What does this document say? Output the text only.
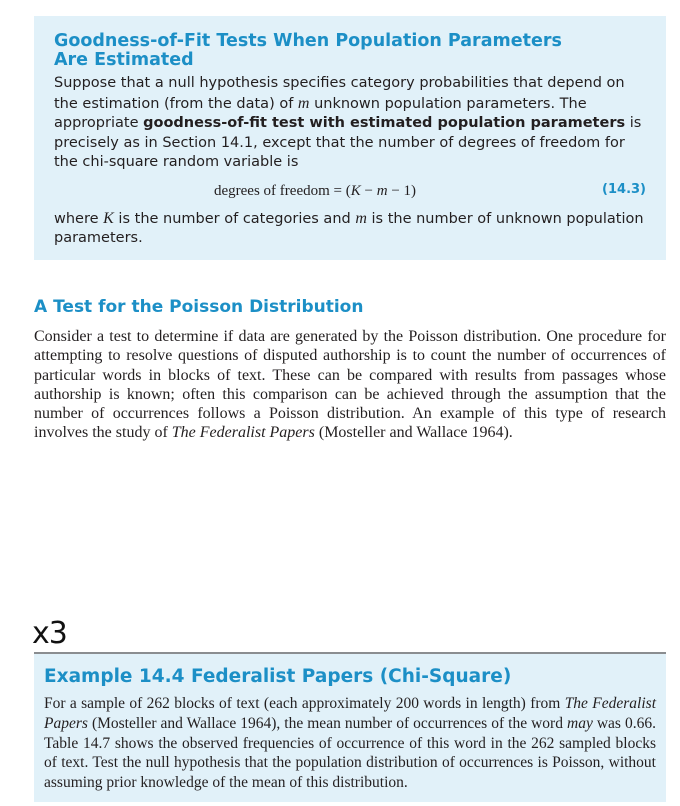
Goodness-of-Fit Tests When Population Parameters
Are Estimated

Suppose that a null hypothesis specifies category probabilities that depend on the estimation (from the data) of m unknown population parameters. The appropriate goodness-of-fit test with estimated population parameters is precisely as in Section 14.1, except that the number of degrees of freedom for the chi-square random variable is

degrees of freedom = (K − m − 1)	(14.3)

where K is the number of categories and m is the number of unknown population parameters.

A Test for the Poisson Distribution

Consider a test to determine if data are generated by the Poisson distribution. One procedure for attempting to resolve questions of disputed authorship is to count the number of occurrences of particular words in blocks of text. These can be compared with results from passages whose authorship is known; often this comparison can be achieved through the assumption that the number of occurrences follows a Poisson distribution. An example of this type of research involves the study of The Federalist Papers (Mosteller and Wallace 1964).

x3
Example 14.4 Federalist Papers (Chi-Square)

For a sample of 262 blocks of text (each approximately 200 words in length) from The Federalist Papers (Mosteller and Wallace 1964), the mean number of occurrences of the word may was 0.66. Table 14.7 shows the observed frequencies of occurrence of this word in the 262 sampled blocks of text. Test the null hypothesis that the population distribution of occurrences is Poisson, without assuming prior knowledge of the mean of this distribution.
